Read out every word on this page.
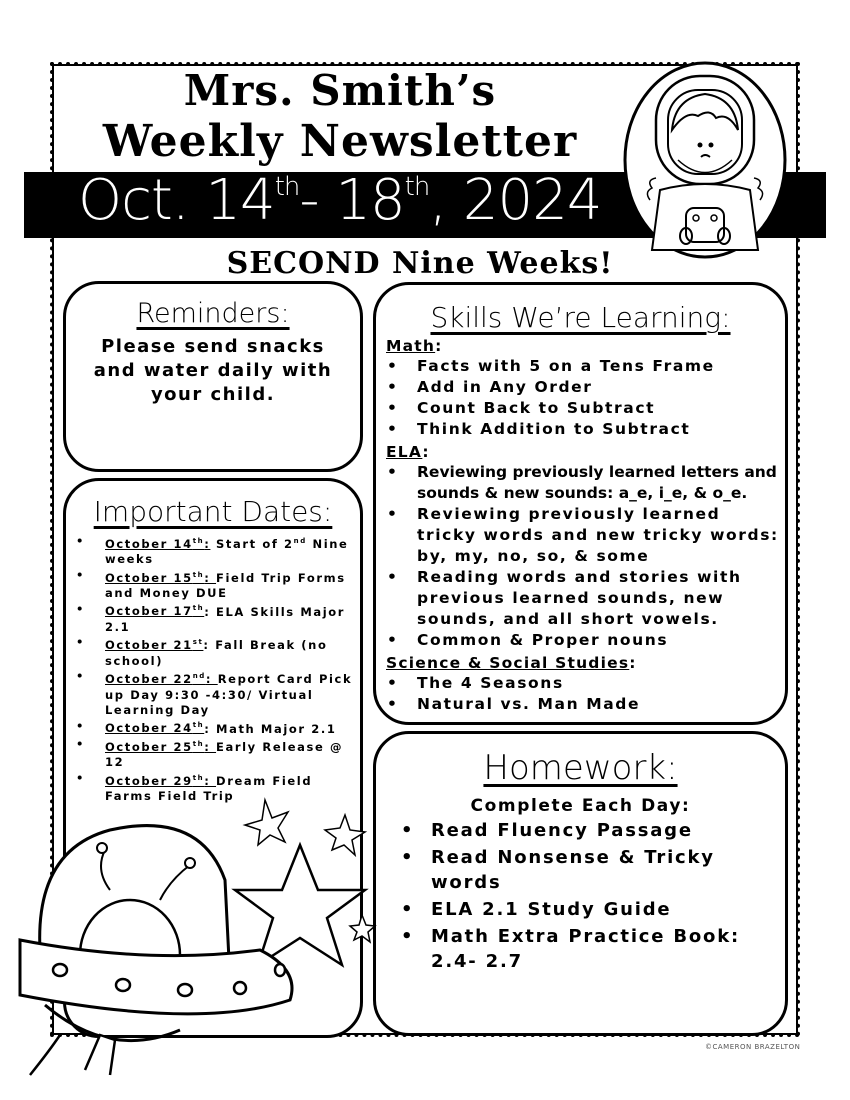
Mrs. Smith’s
Weekly Newsletter
Oct. 14th- 18th, 2024
SECOND Nine Weeks!
Reminders:
Please send snacks and water daily with your child.
Important Dates:
• October 14th: Start of 2nd Nine weeks
• October 15th: Field Trip Forms and Money DUE
• October 17th: ELA Skills Major 2.1
• October 21st: Fall Break (no school)
• October 22nd: Report Card Pick up Day 9:30 -4:30/ Virtual Learning Day
• October 24th: Math Major 2.1
• October 25th: Early Release @ 12
• October 29th: Dream Field Farms Field Trip
Skills We’re Learning:
Math:
• Facts with 5 on a Tens Frame
• Add in Any Order
• Count Back to Subtract
• Think Addition to Subtract
ELA:
• Reviewing previously learned letters and sounds & new sounds: a_e, i_e, & o_e.
• Reviewing previously learned tricky words and new tricky words: by, my, no, so, & some
• Reading words and stories with previous learned sounds, new sounds, and all short vowels.
• Common & Proper nouns
Science & Social Studies:
• The 4 Seasons
• Natural vs. Man Made
Homework:
Complete Each Day:
• Read Fluency Passage
• Read Nonsense & Tricky words
• ELA 2.1 Study Guide
• Math Extra Practice Book: 2.4- 2.7
©CAMERON BRAZELTON
